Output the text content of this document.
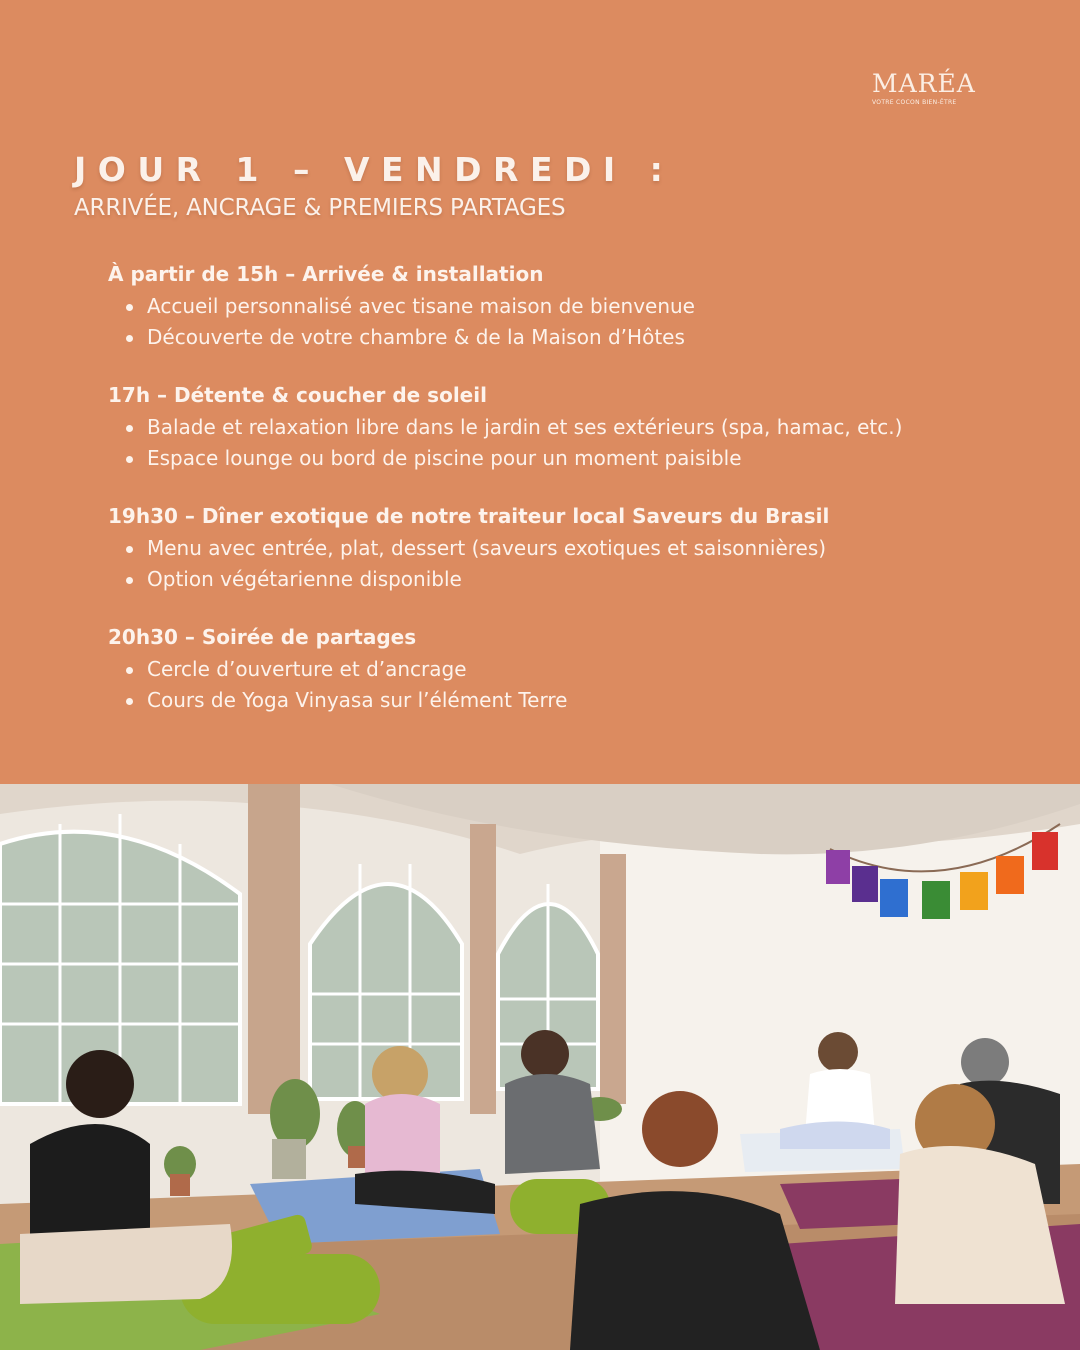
MARÉA
VOTRE COCON BIEN-ÊTRE
JOUR 1 – VENDREDI :
ARRIVÉE, ANCRAGE & PREMIERS PARTAGES
À partir de 15h – Arrivée & installation
Accueil personnalisé avec tisane maison de bienvenue
Découverte de votre chambre & de la Maison d’Hôtes
17h – Détente & coucher de soleil
Balade et relaxation libre dans le jardin et ses extérieurs (spa, hamac, etc.)
Espace lounge ou bord de piscine pour un moment paisible
19h30 – Dîner exotique de notre traiteur local Saveurs du Brasil
Menu avec entrée, plat, dessert (saveurs exotiques et saisonnières)
Option végétarienne disponible
20h30 – Soirée de partages
Cercle d’ouverture et d’ancrage
Cours de Yoga Vinyasa sur l’élément Terre
